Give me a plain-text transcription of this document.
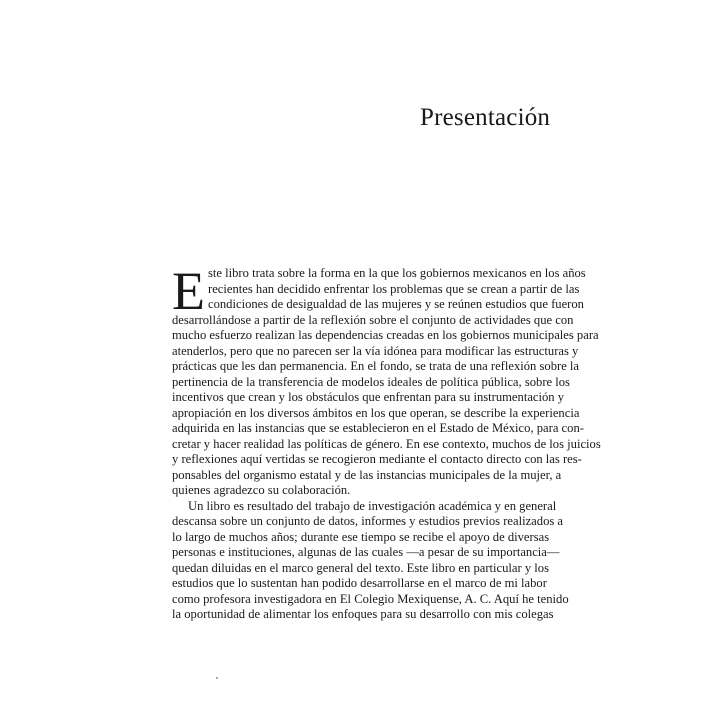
Presentación
E ste libro trata sobre la forma en la que los gobiernos mexicanos en los años
recientes han decidido enfrentar los problemas que se crean a partir de las
condiciones de desigualdad de las mujeres y se reúnen estudios que fueron
desarrollándose a partir de la reflexión sobre el conjunto de actividades que con
mucho esfuerzo realizan las dependencias creadas en los gobiernos municipales para
atenderlos, pero que no parecen ser la vía idónea para modificar las estructuras y
prácticas que les dan permanencia. En el fondo, se trata de una reflexión sobre la
pertinencia de la transferencia de modelos ideales de política pública, sobre los
incentivos que crean y los obstáculos que enfrentan para su instrumentación y
apropiación en los diversos ámbitos en los que operan, se describe la experiencia
adquirida en las instancias que se establecieron en el Estado de México, para con-
cretar y hacer realidad las políticas de género. En ese contexto, muchos de los juicios
y reflexiones aquí vertidas se recogieron mediante el contacto directo con las res-
ponsables del organismo estatal y de las instancias municipales de la mujer, a
quienes agradezco su colaboración.
Un libro es resultado del trabajo de investigación académica y en general
descansa sobre un conjunto de datos, informes y estudios previos realizados a
lo largo de muchos años; durante ese tiempo se recibe el apoyo de diversas
personas e instituciones, algunas de las cuales —a pesar de su importancia—
quedan diluidas en el marco general del texto. Este libro en particular y los
estudios que lo sustentan han podido desarrollarse en el marco de mi labor
como profesora investigadora en El Colegio Mexiquense, A. C. Aquí he tenido
la oportunidad de alimentar los enfoques para su desarrollo con mis colegas
